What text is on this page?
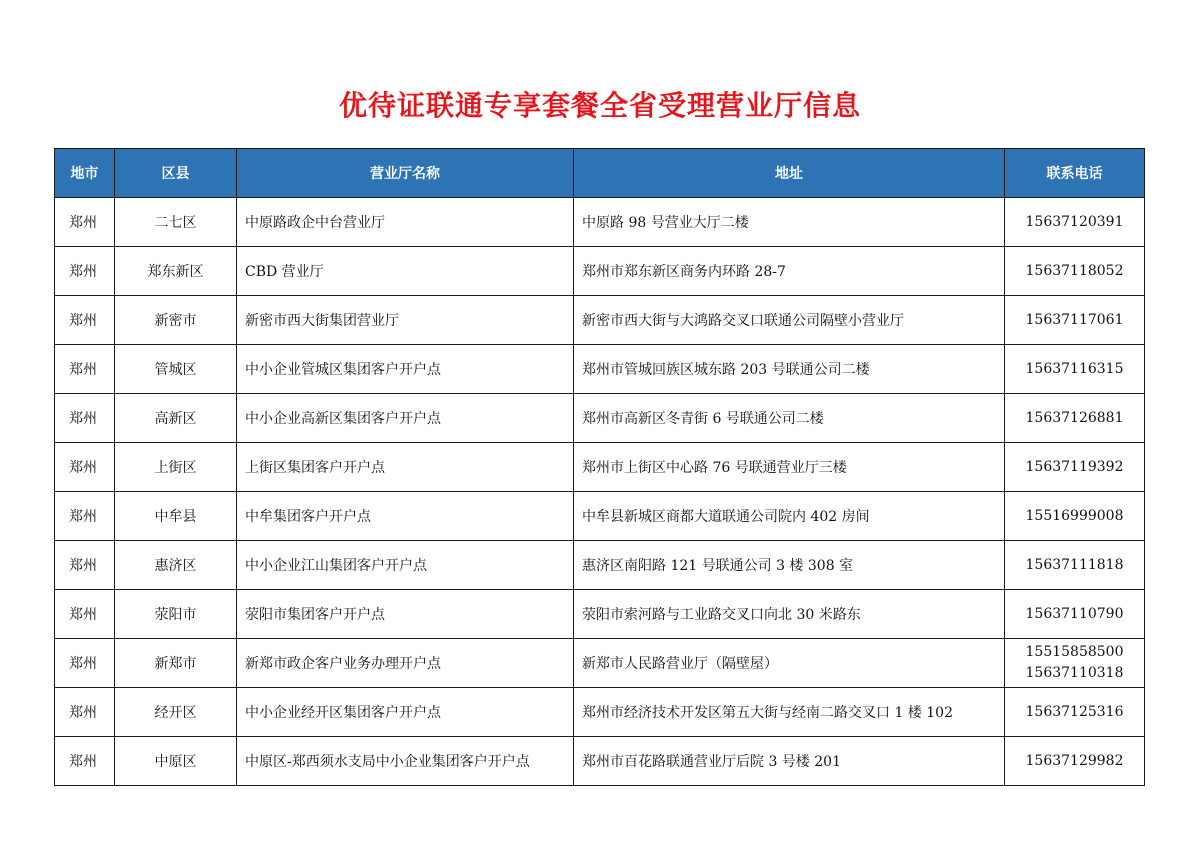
优待证联通专享套餐全省受理营业厅信息
地市	区县	营业厅名称	地址	联系电话
郑州	二七区	中原路政企中台营业厅	中原路 98 号营业大厅二楼	15637120391

郑州	郑东新区	CBD 营业厅	郑州市郑东新区商务内环路 28-7	15637118052

郑州	新密市	新密市西大街集团营业厅	新密市西大街与大鸿路交叉口联通公司隔壁小营业厅	15637117061

郑州	管城区	中小企业管城区集团客户开户点	郑州市管城回族区城东路 203 号联通公司二楼	15637116315

郑州	高新区	中小企业高新区集团客户开户点	郑州市高新区冬青街 6 号联通公司二楼	15637126881

郑州	上街区	上街区集团客户开户点	郑州市上街区中心路 76 号联通营业厅三楼	15637119392

郑州	中牟县	中牟集团客户开户点	中牟县新城区商都大道联通公司院内 402 房间	15516999008

郑州	惠济区	中小企业江山集团客户开户点	惠济区南阳路 121 号联通公司 3 楼 308 室	15637111818

郑州	荥阳市	荥阳市集团客户开户点	荥阳市索河路与工业路交叉口向北 30 米路东	15637110790

郑州	新郑市	新郑市政企客户业务办理开户点	新郑市人民路营业厅（隔壁屋）	15515858500
15637110318

郑州	经开区	中小企业经开区集团客户开户点	郑州市经济技术开发区第五大街与经南二路交叉口 1 楼 102	15637125316

郑州	中原区	中原区-郑西须水支局中小企业集团客户开户点	郑州市百花路联通营业厅后院 3 号楼 201	15637129982
